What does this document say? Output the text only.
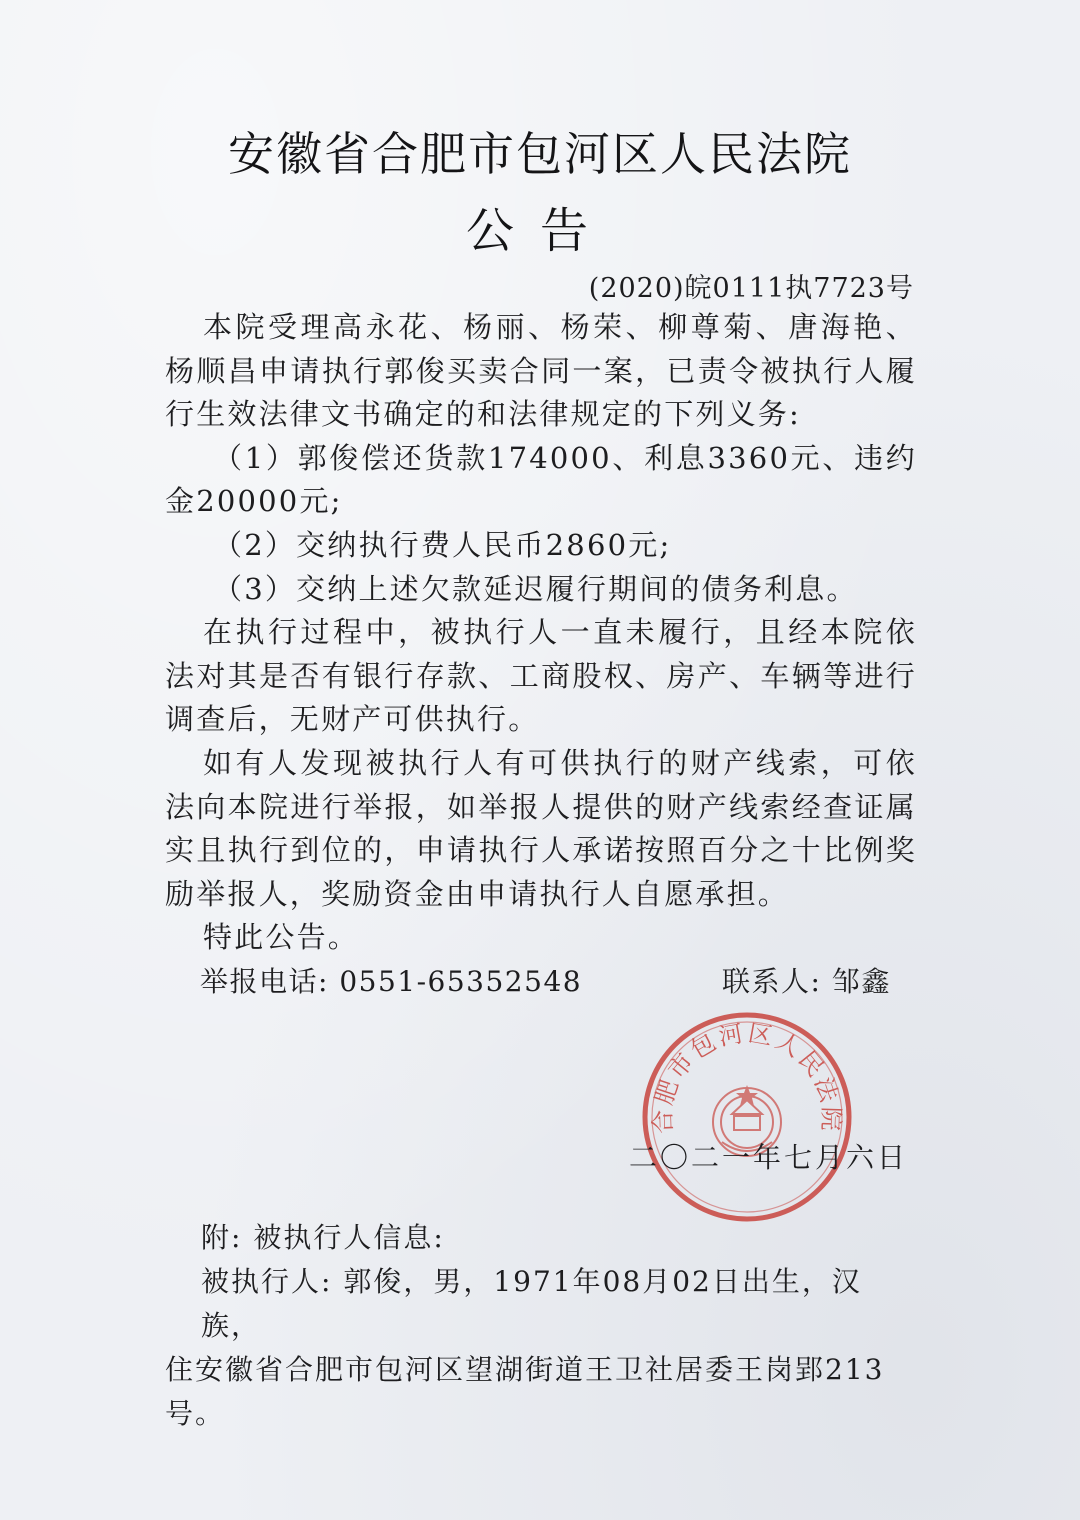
安徽省合肥市包河区人民法院
公告
(2020)皖0111执7723号

本院受理高永花、杨丽、杨荣、柳尊菊、唐海艳、杨顺昌申请执行郭俊买卖合同一案，已责令被执行人履行生效法律文书确定的和法律规定的下列义务:

（1）郭俊偿还货款174000、利息3360元、违约金20000元;

（2）交纳执行费人民币2860元;

（3）交纳上述欠款延迟履行期间的债务利息。

在执行过程中，被执行人一直未履行，且经本院依法对其是否有银行存款、工商股权、房产、车辆等进行调查后，无财产可供执行。

如有人发现被执行人有可供执行的财产线索，可依法向本院进行举报，如举报人提供的财产线索经查证属实且执行到位的，申请执行人承诺按照百分之十比例奖励举报人，奖励资金由申请执行人自愿承担。

特此公告。

举报电话: 0551-65352548	联系人: 邹鑫
合肥市包河区人民法院
二〇二一年七月六日

附: 被执行人信息:

被执行人: 郭俊，男，1971年08月02日出生，汉族，

住安徽省合肥市包河区望湖街道王卫社居委王岗郢213号。
